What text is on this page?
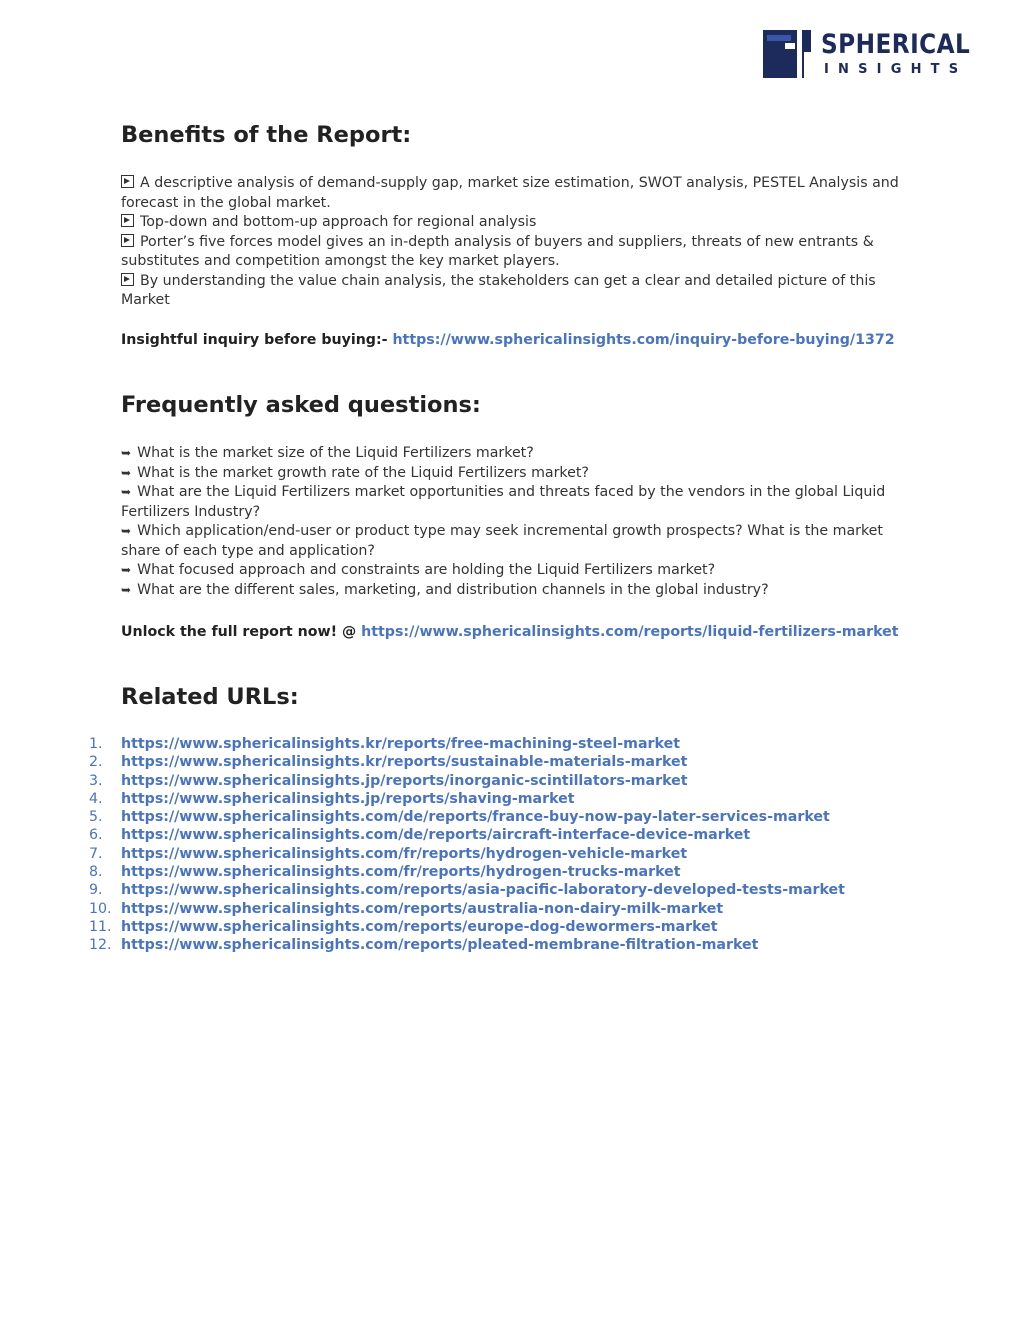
SPHERICAL
INSIGHTS
Benefits of the Report:

A descriptive analysis of demand-supply gap, market size estimation, SWOT analysis, PESTEL Analysis and forecast in the global market.

Top-down and bottom-up approach for regional analysis

Porter’s five forces model gives an in-depth analysis of buyers and suppliers, threats of new entrants & substitutes and competition amongst the key market players.

By understanding the value chain analysis, the stakeholders can get a clear and detailed picture of this Market

Insightful inquiry before buying:- https://www.sphericalinsights.com/inquiry-before-buying/1372
Frequently asked questions:

➥ What is the market size of the Liquid Fertilizers market?

➥ What is the market growth rate of the Liquid Fertilizers market?

➥ What are the Liquid Fertilizers market opportunities and threats faced by the vendors in the global Liquid Fertilizers Industry?

➥ Which application/end-user or product type may seek incremental growth prospects? What is the market share of each type and application?

➥ What focused approach and constraints are holding the Liquid Fertilizers market?

➥ What are the different sales, marketing, and distribution channels in the global industry?

Unlock the full report now! @ https://www.sphericalinsights.com/reports/liquid-fertilizers-market
Related URLs:
1.	https://www.sphericalinsights.kr/reports/free-machining-steel-market
2.	https://www.sphericalinsights.kr/reports/sustainable-materials-market
3.	https://www.sphericalinsights.jp/reports/inorganic-scintillators-market
4.	https://www.sphericalinsights.jp/reports/shaving-market
5.	https://www.sphericalinsights.com/de/reports/france-buy-now-pay-later-services-market
6.	https://www.sphericalinsights.com/de/reports/aircraft-interface-device-market
7.	https://www.sphericalinsights.com/fr/reports/hydrogen-vehicle-market
8.	https://www.sphericalinsights.com/fr/reports/hydrogen-trucks-market
9.	https://www.sphericalinsights.com/reports/asia-pacific-laboratory-developed-tests-market
10. https://www.sphericalinsights.com/reports/australia-non-dairy-milk-market
11. https://www.sphericalinsights.com/reports/europe-dog-dewormers-market
12. https://www.sphericalinsights.com/reports/pleated-membrane-filtration-market
